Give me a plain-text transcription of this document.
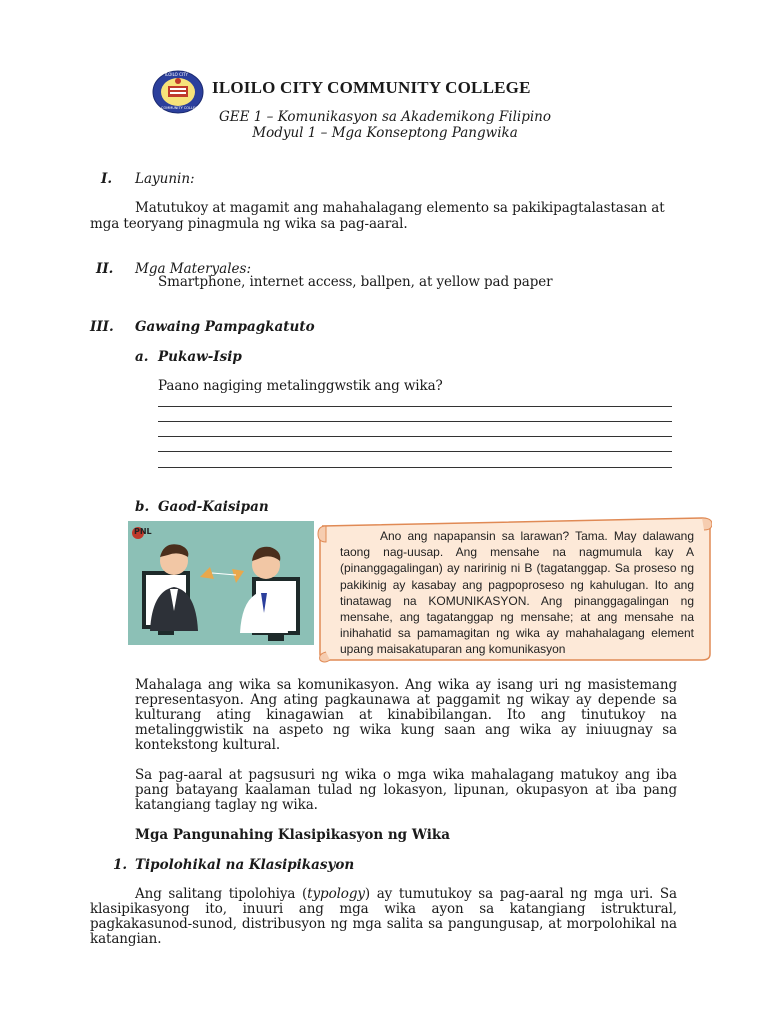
ILOILO CITY
COMMUNITY COLLEGE
ILOILO CITY COMMUNITY COLLEGE
GEE 1 – Komunikasyon sa Akademikong Filipino
Modyul 1 – Mga Konseptong Pangwika
I. Layunin:
Matutukoy at magamit ang mahahalagang elemento sa pakikipagtalastasan at
mga teoryang pinagmula ng wika sa pag-aaral.
II. Mga Materyales:
Smartphone, internet access, ballpen, at yellow pad paper
III. Gawaing Pampagkatuto
a. Pukaw-Isip
Paano nagiging metalinggwstik ang wika?
b. Gaod-Kaisipan
PNL	Ano ang napapansin sa larawan? Tama. May dalawang taong nag-uusap. Ang mensahe na nagmumula kay A (pinanggagalingan) ay naririnig ni B (tagatanggap. Sa proseso ng pakikinig ay kasabay ang pagpoproseso ng kahulugan. Ito ang tinatawag na KOMUNIKASYON. Ang pinanggagalingan ng mensahe, ang tagatanggap ng mensahe; at ang mensahe na inihahatid sa pamamagitan ng wika ay mahahalagang element upang maisakatuparan ang komunikasyon
Mahalaga ang wika sa komunikasyon. Ang wika ay isang uri ng masistemang representasyon. Ang ating pagkaunawa at paggamit ng wikay ay depende sa kulturang ating kinagawian at kinabibilangan. Ito ang tinutukoy na metalinggwistik na aspeto ng wika kung saan ang wika ay iniuugnay sa kontekstong kultural.
Sa pag-aaral at pagsusuri ng wika o mga wika mahalagang matukoy ang iba pang batayang kaalaman tulad ng lokasyon, lipunan, okupasyon at iba pang katangiang taglay ng wika.
Mga Pangunahing Klasipikasyon ng Wika
1. Tipolohikal na Klasipikasyon
Ang salitang tipolohiya (typology) ay tumutukoy sa pag-aaral ng mga uri. Sa klasipikasyong ito, inuuri ang mga wika ayon sa katangiang istruktural, pagkakasunod-sunod, distribusyon ng mga salita sa pangungusap, at morpolohikal na katangian.
